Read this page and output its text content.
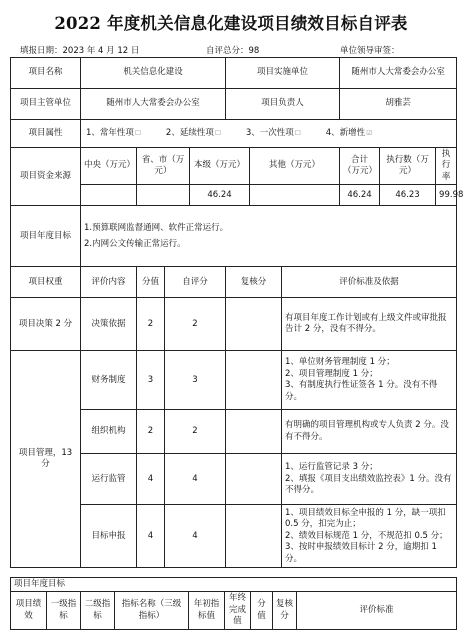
2022 年度机关信息化建设项目绩效目标自评表
填报日期：2023 年 4 月 12 日	自评总分：98	单位领导审签：
项目名称	机关信息化建设				项目实施单位			随州市人大常委会办公室		
项目主管单位	随州市人大常委会办公室				项目负责人			胡雅芸		
项目属性	1、常年性项☐ 2、延续性项☐ 3、一次性项☐ 4、新增性☑									
项目资金来源	中央（万元）	省、市（万元）		本级（万元）		其他（万元）		合计（万元）	执行数（万元）	执行率
				46.24				46.24	46.23	99.98
项目年度目标	1.预算联网监督通网、软件正常运行。
2.内网公文传输正常运行。									

项目权重	评价内容	分值	自评分		复核分		评价标准及依据			
项目决策 2 分	决策依据	2	2				有项目年度工作计划或有上级文件或审批报告计 2 分，没有不得分。			
项目管理，13 分	财务制度	3	3				1、单位财务管理制度 1 分；
2、项目管理制度 1 分；
3、有制度执行性证签各 1 分。没有不得分。			

	组织机构	2	2				有明确的项目管理机构或专人负责 2 分。没有不得分。			
	运行监管	4	4				1、运行监管记录 3 分；
2、填报《项目支出绩效监控表》1 分。没有不得分。			

	目标申报	4	4				1、项目绩效目标全申报的 1 分，缺一项扣 0.5 分，扣完为止；
2、绩效目标规范 1 分，不规范扣 0.5 分；
3、按时申报绩效目标计 2 分，逾期扣 1 分。			
项目年度目标
项目绩效	一级指标	二级指标	指标名称（三级指标）	年初指标值	年终完成值	分值	复核分	评价标准
